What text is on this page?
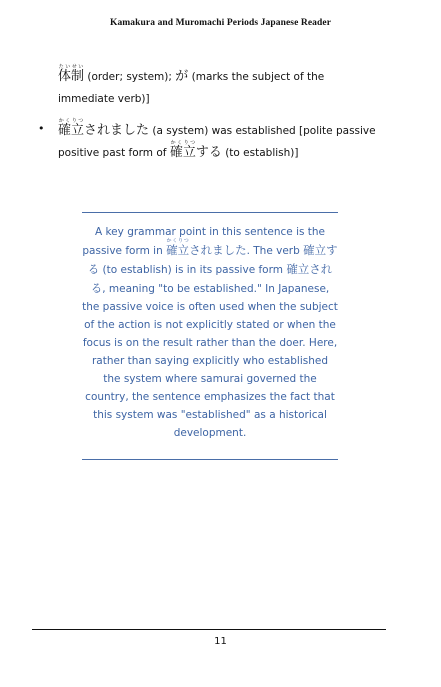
Kamakura and Muromachi Periods Japanese Reader

体制たいせい (order; system); が (marks the subject of the immediate verb)]

• 確立かくりつされました (a system) was established [polite passive positive past form of 確立かくりつする (to establish)]

A key grammar point in this sentence is the passive form in 確立かくりつされました. The verb 確立する (to establish) is in its passive form 確立される, meaning "to be established." In Japanese, the passive voice is often used when the subject of the action is not explicitly stated or when the focus is on the result rather than the doer. Here, rather than saying explicitly who established the system where samurai governed the country, the sentence emphasizes the fact that this system was "established" as a historical development.

11
